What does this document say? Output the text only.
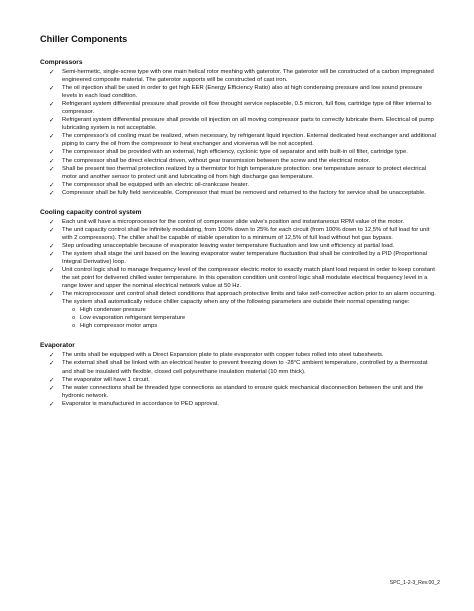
Chiller Components
Compressors
✓ Semi-hermetic, single-screw type with one main helical rotor meshing with gaterotor. The gaterotor will be constructed of a carbon impregnated engineered composite material. The gaterotor supports will be constructed of cast iron.
✓ The oil injection shall be used in order to get high EER (Energy Efficiency Ratio) also at high condensing pressure and low sound pressure levels in each load condition.
✓ Refrigerant system differential pressure shall provide oil flow throught service replaceble, 0.5 micron, full flow, cartridge type oil filter internal to compressor.
✓ Refrigerant system differential pressure shall provide oil injection on all moving compressor parts to correctly lubricate them. Electrical oil pump lubricating system is not acceptable.
✓ The compressor's oil cooling must be realized, when necessary, by refrigerant liquid injection. External dedicated heat exchanger and additional piping to carry the oil from the compressor to heat exchanger and viceversa will be not accepted.
✓ The compressor shall be provided with an external, high efficiency, cyclonic type oil separator and with built-in oil filter, cartridge type.
✓ The compressor shall be direct electrical driven, without gear transmission between the screw and the electrical motor.
✓ Shall be present two thermal protection realized by a thermistor for high temperature protection: one temperature sensor to protect electrical motor and another sensor to protect unit and lubricating oil from high discharge gas temperature.
✓ The compressor shall be equipped with an electric oil-crankcase heater.
✓ Compressor shall be fully field serviceable. Compressor that must be removed and returned to the factory for service shall be unacceptable.
Cooling capacity control system
✓ Each unit will have a microprocessor for the control of compressor slide valve's position and instantaneous RPM value of the motor.
✓ The unit capacity control shall be infinitely modulating, from 100% down to 25% for each circuit (from 100% down to 12,5% of full load for unit with 2 compressors). The chiller shall be capable of stable operation to a minimum of 12,5% of full load without hot gas bypass.
✓ Step unloading unacceptable because of evaporator leaving water temperature fluctuation and low unit efficiency at partial load.
✓ The system shall stage the unit based on the leaving evaporator water temperature fluctuation that shall be controlled by a PID (Proportional Integral Derivative) loop.
✓ Unit control logic shall to manage frequency level of the compressor electric motor to exactly match plant load request in order to keep constant the set point for delivered chilled water temperature. In this operation condition unit control logic shall modulate electrical frequency level in a range lower and upper the nominal electrical network value at 50 Hz.
✓ The microprocessor unit control shall detect conditions that approach protective limits and take self-corrective action prior to an alarm occurring. The system shall automatically reduce chiller capacity when any of the following parameters are outside their normal operating range:
o High condenser pressure
o Low evaporation refrigerant temperature
o High compressor motor amps
Evaporator
✓ The units shall be equipped with a Direct Expansion plate to plate evaporator with copper tubes rolled into steel tubesheets.
✓ The external shell shall be linked with an electrical heater to prevent freezing down to -28°C ambient temperature, controlled by a thermostat and shall be insulated with flexible, closed cell polyurethane insulation material (10 mm thick).
✓ The evaporator will have 1 circuit.
✓ The water connections shall be threaded type connections as standard to ensure quick mechanical disconnection between the unit and the hydronic network.
✓ Evaporator is manufactured in accordance to PED approval.
SPC_1-2-3_Rev.00_2
